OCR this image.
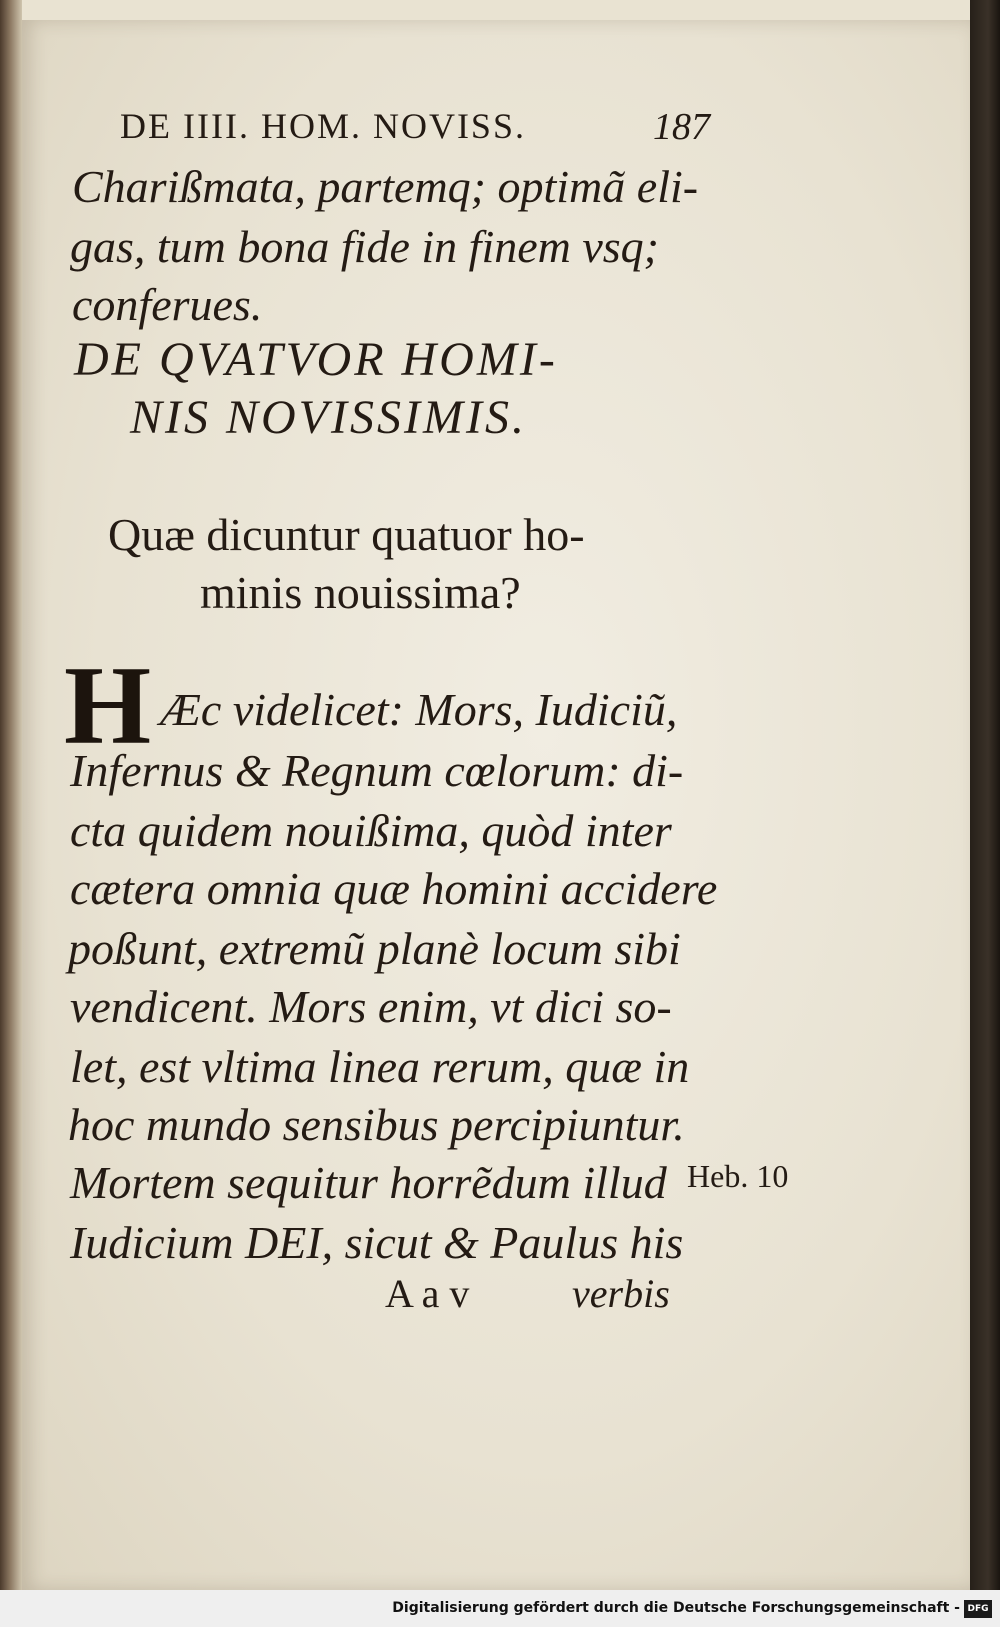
DE IIII. HOM. NOVISS.	187
Charißmata, partemq; optimã eli-
gas, tum bona fide in finem vsq;
conferues.
DE QVATVOR HOMI-
NIS NOVISSIMIS.
Quæ dicuntur quatuor ho-
minis nouissima?
H Æc videlicet: Mors, Iudiciũ,
Infernus & Regnum cœlorum: di-
cta quidem nouißima, quòd inter
cætera omnia quæ homini accidere
poßunt, extremũ planè locum sibi
vendicent. Mors enim, vt dici so-
let, est vltima linea rerum, quæ in
hoc mundo sensibus percipiuntur.
Mortem sequitur horrẽdum illud
Iudicium DEI, sicut & Paulus his
Heb. 10
A a v	verbis
Digitalisierung gefördert durch die Deutsche Forschungsgemeinschaft - DFG
